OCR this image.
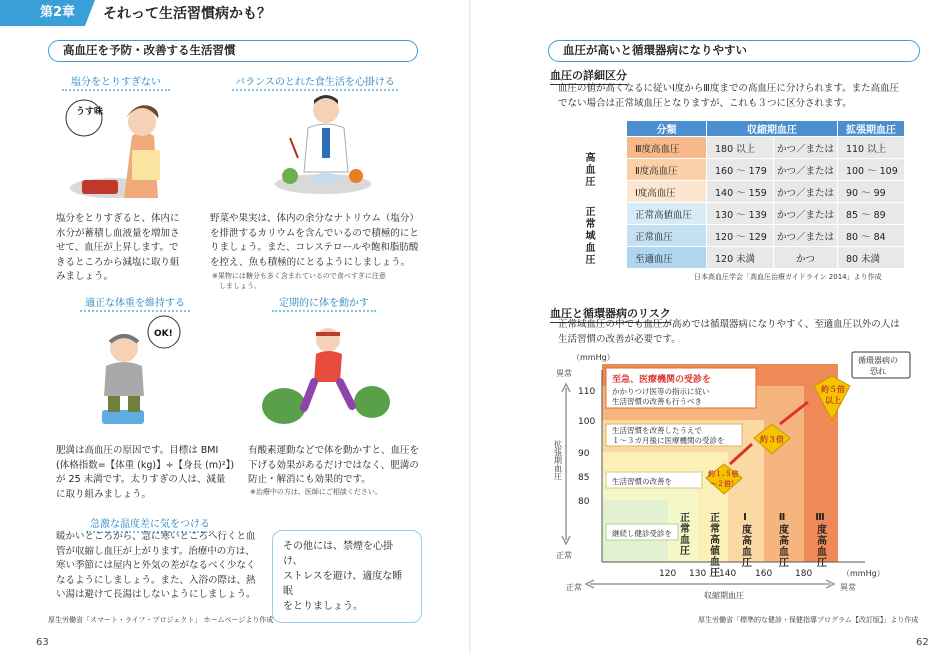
第2章	それって生活習慣病かも？
高血圧を予防・改善する生活習慣
塩分をとりすぎない
うす味
塩分をとりすぎると、体内に
水分が蓄積し血液量を増加さ
せて、血圧が上昇します。で
きるところから減塩に取り組
みましょう。
バランスのとれた食生活を心掛ける
野菜や果実は、体内の余分なナトリウム（塩分）
を排泄するカリウムを含んでいるので積極的にと
りましょう。また、コレステロールや飽和脂肪酸
を控え、魚も積極的にとるようにしましょう。
※果物には糖分も多く含まれているので食べすぎに注意
　しましょう。
適正な体重を維持する
OK!
肥満は高血圧の原因です。目標は BMI
(体格指数=【体重 (kg)】÷【身長 (m)²】)
が 25 未満です。太りすぎの人は、減量
に取り組みましょう。
定期的に体を動かす
有酸素運動などで体を動かすと、血圧を
下げる効果があるだけではなく、肥満の
防止・解消にも効果的です。
※治療中の方は、医師にご相談ください。
急激な温度差に気をつける
暖かいところから、急に寒いところへ行くと血
管が収縮し血圧が上がります。治療中の方は、
寒い季節には屋内と外気の差がなるべく少なく
なるようにしましょう。また、入浴の際は、熱
い湯は避けて長湯はしないようにしましょう。
その他には、禁煙を心掛け、
ストレスを避け、適度な睡眠
をとりましょう。
厚生労働省「スマート・ライフ・プロジェクト」 ホームページより作成
63
血圧が高いと循環器病になりやすい
血圧の詳細区分
血圧の値が高くなるに従いⅠ度からⅢ度までの高血圧に分けられます。また高血圧
でない場合は正常域血圧となりますが、これも３つに区分されます。
	分類	収縮期血圧		拡張期血圧
高血圧	Ⅲ度高血圧	180 以上	かつ／または	110 以上
	Ⅱ度高血圧	160 ～ 179	かつ／または	100 ～ 109
	Ⅰ度高血圧	140 ～ 159	かつ／または	90 ～ 99
正常域血圧	正常高値血圧	130 ～ 139	かつ／または	85 ～ 89
	正常血圧	120 ～ 129	かつ／または	80 ～ 84
	至適血圧	120 未満	かつ	80 未満
日本高血圧学会「高血圧治療ガイドライン 2014」より作成
血圧と循環器病のリスク
正常域血圧の中でも血圧が高めでは循環器病になりやすく、至適血圧以外の人は
生活習慣の改善が必要です。
正常血圧 正常高値血圧 Ⅰ度高血圧	Ⅱ度高血圧	Ⅲ度高血圧
110
100
90
85
80
120 130 140 160	180
（mmHg）
（mmHg）
異常
正常
正常	異常
拡張期血圧
収縮期血圧
至急、医療機関の受診を
かかりつけ医等の指示に従い
生活習慣の改善も行うべき
生活習慣を改善したうえで
１～３カ月後に医療機関の受診を
生活習慣の改善を
継続し健診受診を
循環器病の
恐れ
約５倍
以上
約３倍
約１.５倍
～２倍！
厚生労働省「標準的な健診・保健指導プログラム【改訂版】」より作成
62
